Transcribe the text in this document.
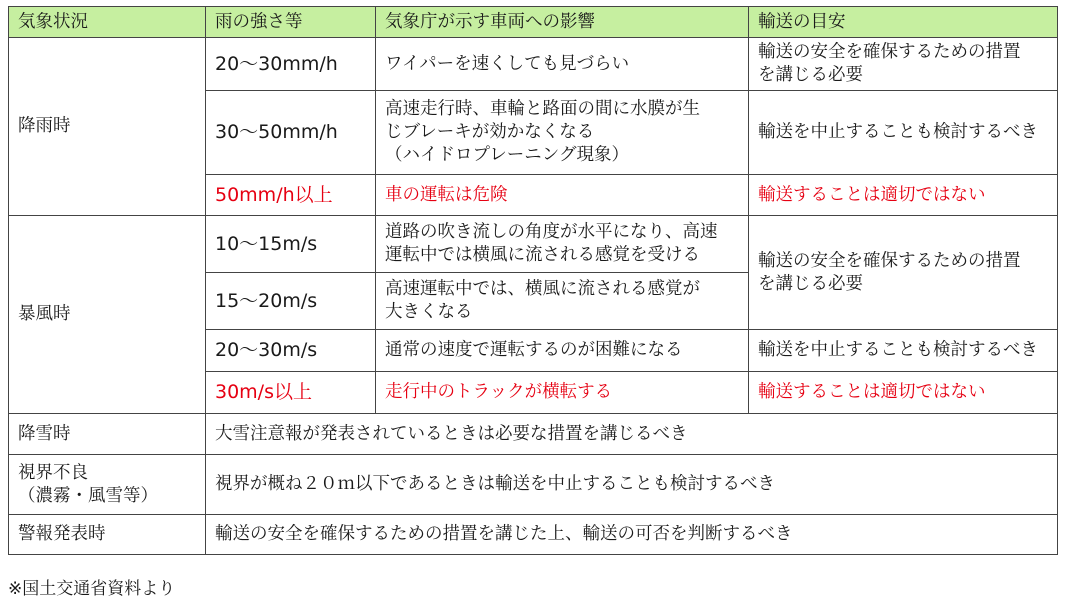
気象状況	雨の強さ等	気象庁が示す車両への影響	輸送の目安
降雨時	20～30mm/h	ワイパーを速くしても見づらい	輸送の安全を確保するための措置
を講じる必要
	30～50mm/h	高速走行時、車輪と路面の間に水膜が生
じブレーキが効かなくなる
（ハイドロプレーニング現象）	輸送を中止することも検討するべき
	50mm/h以上	車の運転は危険	輸送することは適切ではない
暴風時	10～15m/s	道路の吹き流しの角度が水平になり、高速
運転中では横風に流される感覚を受ける	輸送の安全を確保するための措置
を講じる必要
	15～20m/s	高速運転中では、横風に流される感覚が
大きくなる	
	20～30m/s	通常の速度で運転するのが困難になる	輸送を中止することも検討するべき
	30m/s以上	走行中のトラックが横転する	輸送することは適切ではない
降雪時	大雪注意報が発表されているときは必要な措置を講じるべき		
視界不良
（濃霧・風雪等）	視界が概ね２０ｍ以下であるときは輸送を中止することも検討するべき		
警報発表時	輸送の安全を確保するための措置を講じた上、輸送の可否を判断するべき		
※国土交通省資料より
